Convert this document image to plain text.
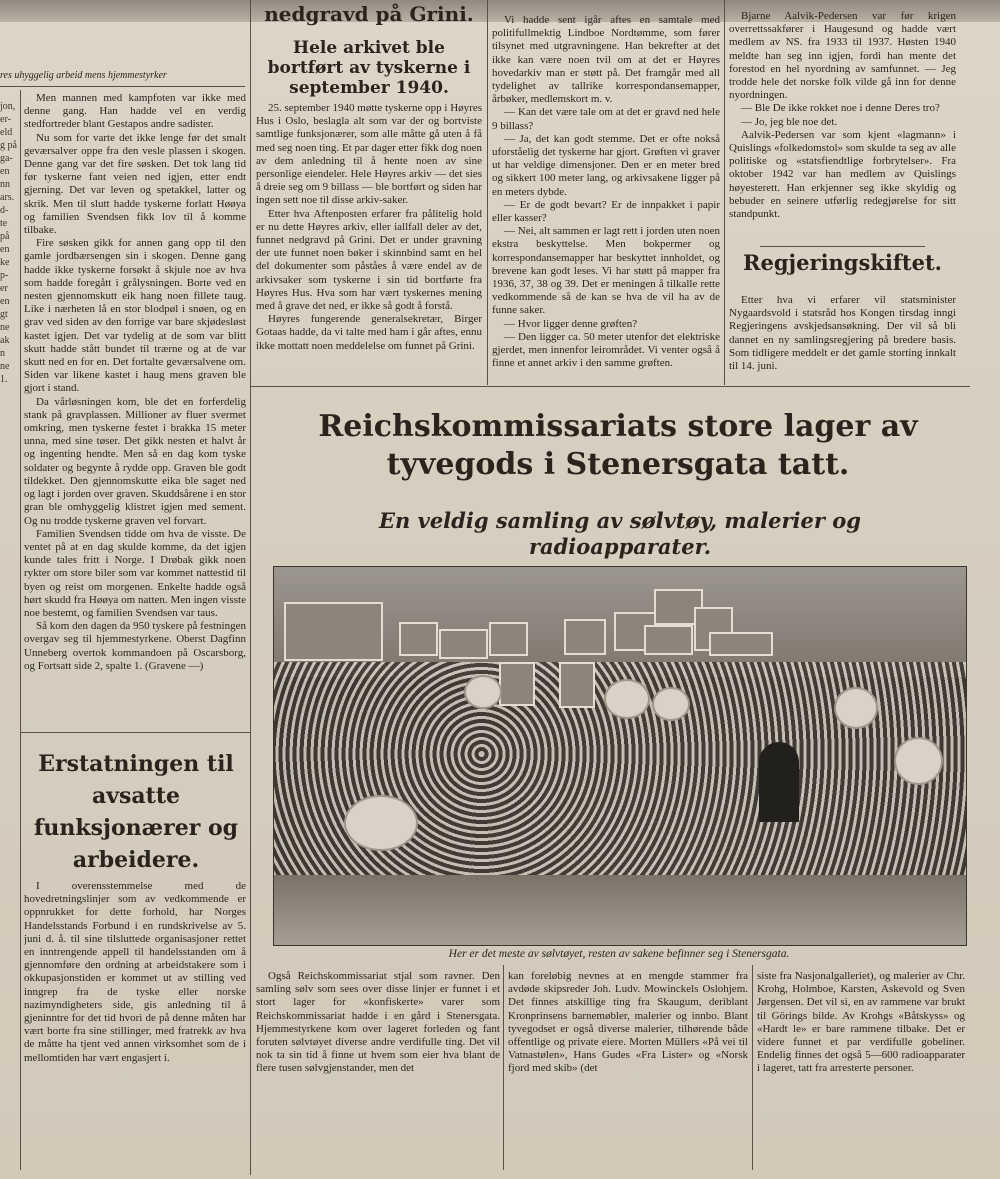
jon,
er-
eld
g på
ga-
en
nn
ars.
d-
te
på
en
ke
p-
er
en
gt
ne
ak
n
ne
1.
res uhyggelig arbeid mens hjemmestyrker

Men mannen med kampfoten var ikke med denne gang. Han hadde vel en verdig stedfortreder blant Gestapos andre sadister.

Nu som for varte det ikke lenge før det smalt geværsalver oppe fra den vesle plassen i skogen. Denne gang var det fire søsken. Det tok lang tid før tyskerne fant veien ned igjen, etter endt gjerning. Det var leven og spetakkel, latter og skrik. Men til slutt hadde tyskerne forlatt Høøya og familien Svendsen fikk lov til å komme tilbake.

Fire søsken gikk for annen gang opp til den gamle jordbærsengen sin i skogen. Denne gang hadde ikke tyskerne forsøkt å skjule noe av hva som hadde foregått i grålysningen. Borte ved en nesten gjennomskutt eik hang noen fillete taug. Like i nærheten lå en stor blodpøl i snøen, og en grav ved siden av den forrige var bare skjødesløst kastet igjen. Det var tydelig at de som var blitt skutt hadde stått bundet til trærne og at de var skutt ned en for en. Det fortalte geværsalvene om. Siden var likene kastet i haug mens graven ble gjort i stand.

Da vårløsningen kom, ble det en forferdelig stank på gravplassen. Millioner av fluer svermet omkring, men tyskerne festet i brakka 15 meter unna, med sine tøser. Det gikk nesten et halvt år og ingenting hendte. Men så en dag kom tyske soldater og begynte å rydde opp. Graven ble godt tildekket. Den gjennomskutte eika ble saget ned og lagt i jorden over graven. Skuddsårene i en stor gran ble omhyggelig klistret igjen med sement. Og nu trodde tyskerne graven vel forvart.

Familien Svendsen tidde om hva de visste. De ventet på at en dag skulde komme, da det igjen kunde tales fritt i Norge. I Drøbak gikk noen rykter om store biler som var kommet nattestid til byen og reist om morgenen. Enkelte hadde også hørt skudd fra Høøya om natten. Men ingen visste noe bestemt, og familien Svendsen var taus.

Så kom den dagen da 950 tyskere på festningen overgav seg til hjemmestyrkene. Oberst Dagfinn Unneberg overtok kommandoen på Oscarsborg, og Fortsatt side 2, spalte 1. (Gravene —)

nedgravd på Grini.
Hele arkivet ble bortført av tyskerne i september 1940.

25. september 1940 møtte tyskerne opp i Høyres Hus i Oslo, beslagla alt som var der og bortviste samtlige funksjonærer, som alle måtte gå uten å få med seg noen ting. Et par dager etter fikk dog noen av dem anledning til å hente noen av sine personlige eiendeler. Hele Høyres arkiv — det sies å dreie seg om 9 billass — ble bortført og siden har ingen sett noe til disse arkiv-saker.

Etter hva Aftenposten erfarer fra pålitelig hold er nu dette Høyres arkiv, eller iallfall deler av det, funnet nedgravd på Grini. Det er under gravning der ute funnet noen bøker i skinnbind samt en hel del dokumenter som påståes å være endel av de arkivsaker som tyskerne i sin tid bortførte fra Høyres Hus. Hva som har vært tyskernes mening med å grave det ned, er ikke så godt å forstå.

Høyres fungerende generalsekretær, Birger Gotaas hadde, da vi talte med ham i går aftes, ennu ikke mottatt noen meddelelse om funnet på Grini.

Vi hadde sent igår aftes en samtale med politifullmektig Lindboe Nordtømme, som fører tilsynet med utgravningene. Han bekrefter at det ikke kan være noen tvil om at det er Høyres hovedarkiv man er støtt på. Det framgår med all tydelighet av tallrike korrespondansemapper, årbøker, medlemskort m. v.

— Kan det være tale om at det er gravd ned hele 9 billass?

— Ja, det kan godt stemme. Det er ofte nokså uforståelig det tyskerne har gjort. Grøften vi graver ut har veldige dimensjoner. Den er en meter bred og sikkert 100 meter lang, og arkivsakene ligger på en meters dybde.

— Er de godt bevart? Er de innpakket i papir eller kasser?

— Nei, alt sammen er lagt rett i jorden uten noen ekstra beskyttelse. Men bokpermer og korrespondansemapper har beskyttet innholdet, og brevene kan godt leses. Vi har støtt på mapper fra 1936, 37, 38 og 39. Det er meningen å tilkalle rette vedkommende så de kan se hva de vil ha av de funne saker.

— Hvor ligger denne grøften?

— Den ligger ca. 50 meter utenfor det elektriske gjerdet, men innenfor leirområdet. Vi venter også å finne et annet arkiv i den samme grøften.

Bjarne Aalvik-Pedersen var før krigen overrettssakfører i Haugesund og hadde vært medlem av NS. fra 1933 til 1937. Høsten 1940 meldte han seg inn igjen, fordi han mente det forestod en hel nyordning av samfunnet. — Jeg trodde hele det norske folk vilde gå inn for denne nyordningen.

— Ble De ikke rokket noe i denne Deres tro?

— Jo, jeg ble noe det.

Aalvik-Pedersen var som kjent «lagmann» i Quislings «folkedomstol» som skulde ta seg av alle politiske og «statsfiendtlige forbrytelser». Fra oktober 1942 var han medlem av Quislings høyesterett. Han erkjenner seg ikke skyldig og bebuder en seinere utførlig redegjørelse for sitt standpunkt.

Regjeringskiftet.
Etter hva vi erfarer vil statsminister Nygaardsvold i statsråd hos Kongen tirsdag inngi Regjeringens avskjedsansøkning. Der vil så bli dannet en ny samlingsregjering på bredere basis. Som tidligere meddelt er det gamle storting innkalt til 14. juni.
Reichskommissariats store lager av tyvegods i Stenersgata tatt.
En veldig samling av sølvtøy, malerier og radioapparater.
Her er det meste av sølvtøyet, resten av sakene befinner seg i Stenersgata.
Også Reichskommissariat stjal som ravner. Den samling sølv som sees over disse linjer er funnet i et stort lager for «konfiskerte» varer som Reichskommissariat hadde i en gård i Stenersgata. Hjemmestyrkene kom over lageret forleden og fant foruten sølvtøyet diverse andre verdifulle ting. Det vil nok ta sin tid å finne ut hvem som eier hva blant de flere tusen sølvgjenstander, men det
kan foreløbig nevnes at en mengde stammer fra avdøde skipsreder Joh. Ludv. Mowinckels Oslohjem. Det finnes atskillige ting fra Skaugum, deriblant Kronprinsens barnemøbler, malerier og innbo. Blant tyvegodset er også diverse malerier, tilhørende både offentlige og private eiere. Morten Müllers «På vei til Vatnastølen», Hans Gudes «Fra Lister» og «Norsk fjord med skib» (det
siste fra Nasjonalgalleriet), og malerier av Chr. Krohg, Holmboe, Karsten, Askevold og Sven Jørgensen. Det vil si, en av rammene var brukt til Görings bilde. Av Krohgs «Båtskyss» og «Hardt le» er bare rammene tilbake. Det er videre funnet et par verdifulle gobeliner. Endelig finnes det også 5—600 radioapparater i lageret, tatt fra arresterte personer.
Erstatningen til avsatte funksjonærer og arbeidere.
I overensstemmelse med de hovedretningslinjer som av vedkommende er oppnrukket for dette forhold, har Norges Handelsstands Forbund i en rundskrivelse av 5. juni d. å. til sine tilsluttede organisasjoner rettet en inntrengende appell til handelsstanden om å gjennomføre den ordning at arbeidstakere som i okkupasjonstiden er kommet ut av stilling ved inngrep fra de tyske eller norske nazimyndigheters side, gis anledning til å gjeninntre for det tid hvori de på denne måten har vært borte fra sine stillinger, med fratrekk av hva de måtte ha tjent ved annen virksomhet som de i mellomtiden har vært engasjert i.
